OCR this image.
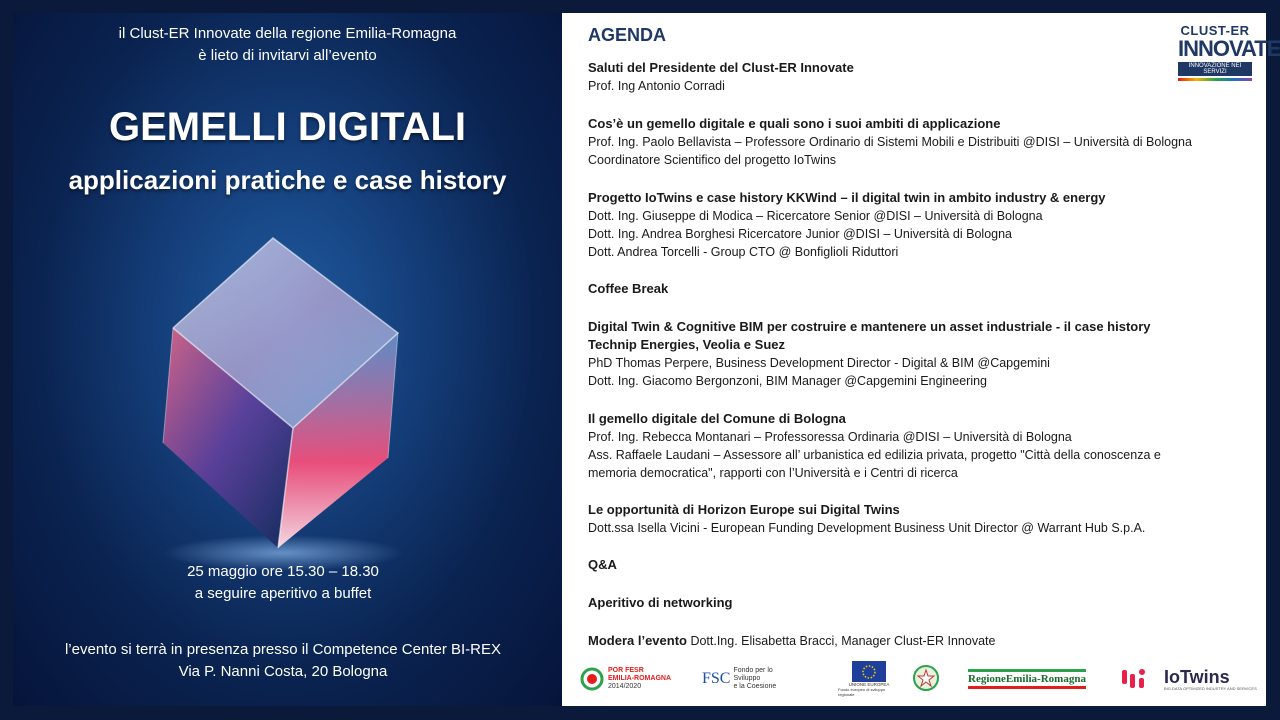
il Clust-ER Innovate della regione Emilia-Romagna
è lieto di invitarvi all’evento
GEMELLI DIGITALI
applicazioni pratiche e case history
25 maggio ore 15.30 – 18.30
a seguire aperitivo a buffet
l’evento si terrà in presenza presso il Competence Center BI-REX
Via P. Nanni Costa, 20 Bologna
AGENDA	CLUST-ER
INNOVATE
INNOVAZIONE NEI SERVIZI
Saluti del Presidente del Clust-ER Innovate
Prof. Ing Antonio Corradi
Cos’è un gemello digitale e quali sono i suoi ambiti di applicazione
Prof. Ing. Paolo Bellavista – Professore Ordinario di Sistemi Mobili e Distribuiti @DISI – Università di Bologna
Coordinatore Scientifico del progetto IoTwins
Progetto IoTwins e case history KKWind – il digital twin in ambito industry & energy
Dott. Ing. Giuseppe di Modica – Ricercatore Senior @DISI – Università di Bologna
Dott. Ing. Andrea Borghesi Ricercatore Junior @DISI – Università di Bologna
Dott. Andrea Torcelli - Group CTO @ Bonfiglioli Riduttori
Coffee Break
Digital Twin & Cognitive BIM per costruire e mantenere un asset industriale - il case history
Technip Energies, Veolia e Suez
PhD Thomas Perpere, Business Development Director - Digital & BIM @Capgemini
Dott. Ing. Giacomo Bergonzoni, BIM Manager @Capgemini Engineering
Il gemello digitale del Comune di Bologna
Prof. Ing. Rebecca Montanari – Professoressa Ordinaria @DISI – Università di Bologna
Ass. Raffaele Laudani – Assessore all’ urbanistica ed edilizia privata, progetto "Città della conoscenza e
memoria democratica", rapporti con l’Università e i Centri di ricerca
Le opportunità di Horizon Europe sui Digital Twins
Dott.ssa Isella Vicini - European Funding Development Business Unit Director @ Warrant Hub S.p.A.
Q&A
Aperitivo di networking
Modera l’evento Dott.Ing. Elisabetta Bracci, Manager Clust-ER Innovate
POR FESR
EMILIA-ROMAGNA
2014/2020	FSC Fondo per lo Sviluppo
e la Coesione	UNIONE EUROPEA
Fondo europeo di sviluppo regionale
RegioneEmilia-Romagna	IoTwins
BIG DATA OPTIMIZED INDUSTRY AND SERVICES
